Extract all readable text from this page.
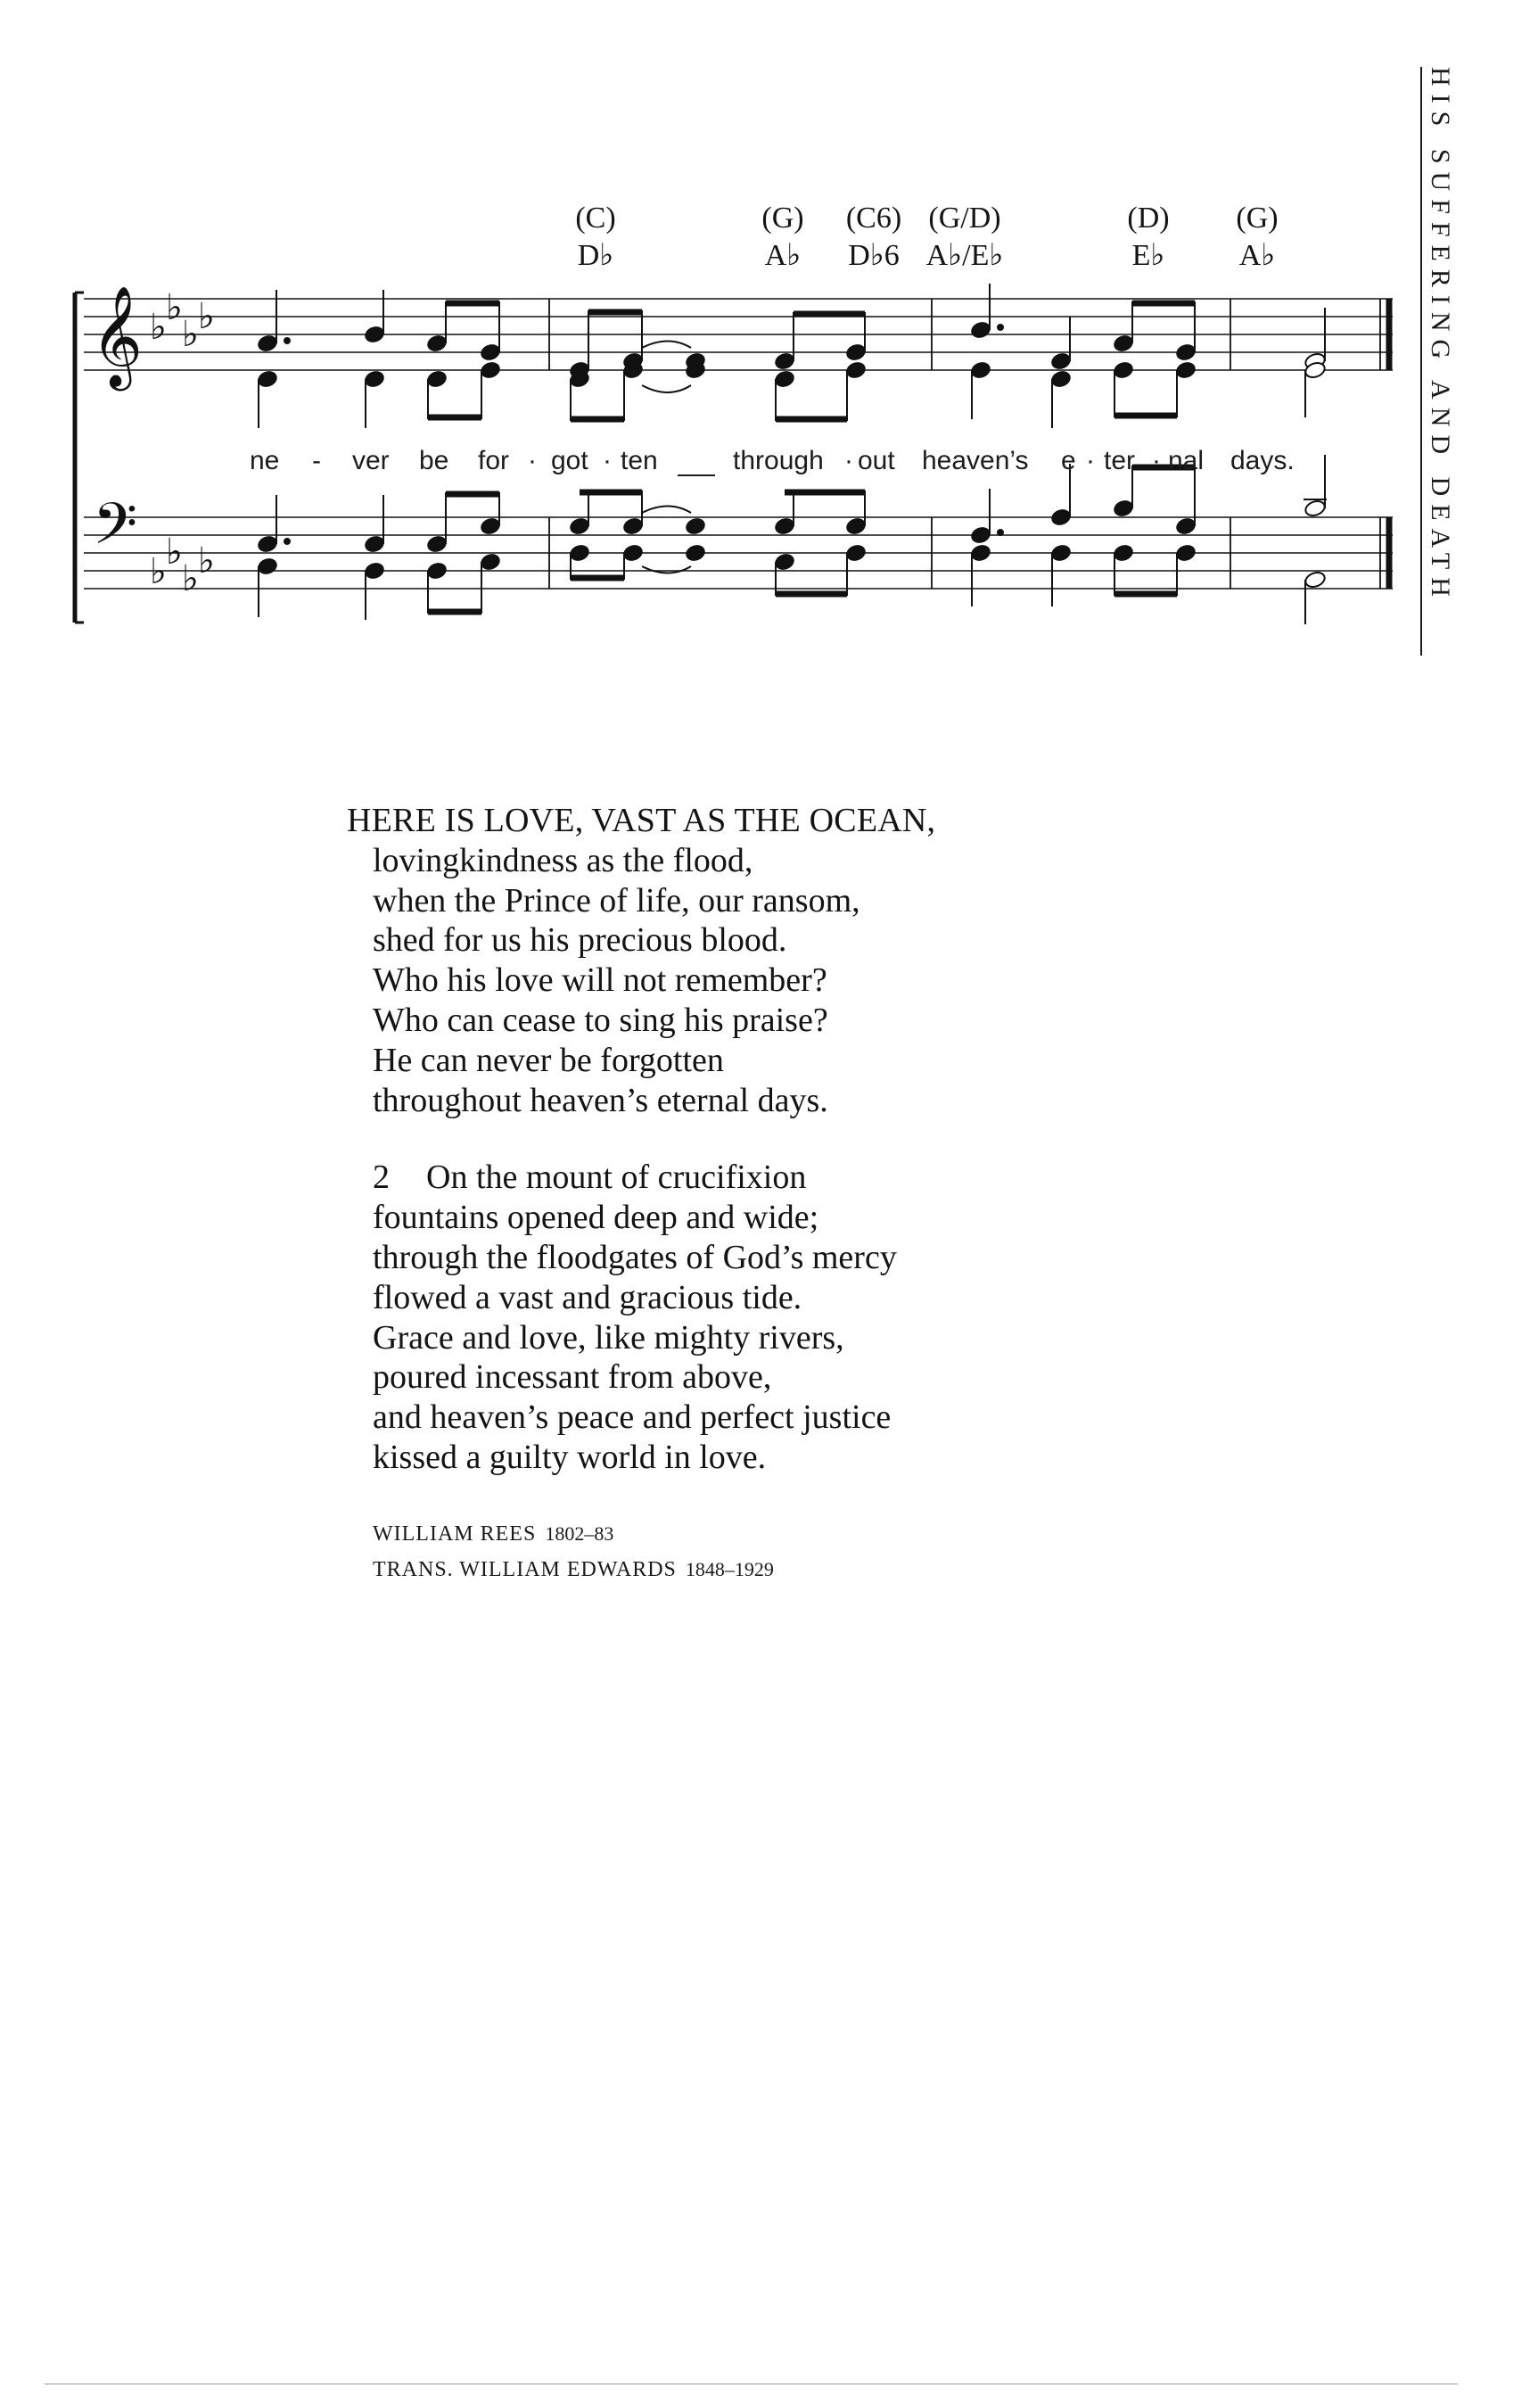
HIS SUFFERING AND DEATH
𝄞
𝄢
♭ ♭
♭ ♭
♭ ♭
♭ ♭
(C)
D♭
(G)
A♭
(C6)
D♭6
(G/D)
A♭/E♭
(D)
E♭
(G)
A♭
ne - ver be for · got · ten	through · out heaven’s e · ter · nal days.
HERE IS LOVE, VAST AS THE OCEAN,
lovingkindness as the flood,
when the Prince of life, our ransom,
shed for us his precious blood.
Who his love will not remember?
Who can cease to sing his praise?
He can never be forgotten
throughout heaven’s eternal days.
2 On the mount of crucifixion
fountains opened deep and wide;
through the floodgates of God’s mercy
flowed a vast and gracious tide.
Grace and love, like mighty rivers,
poured incessant from above,
and heaven’s peace and perfect justice
kissed a guilty world in love.
WILLIAM REES 1802–83
TRANS. WILLIAM EDWARDS 1848–1929
